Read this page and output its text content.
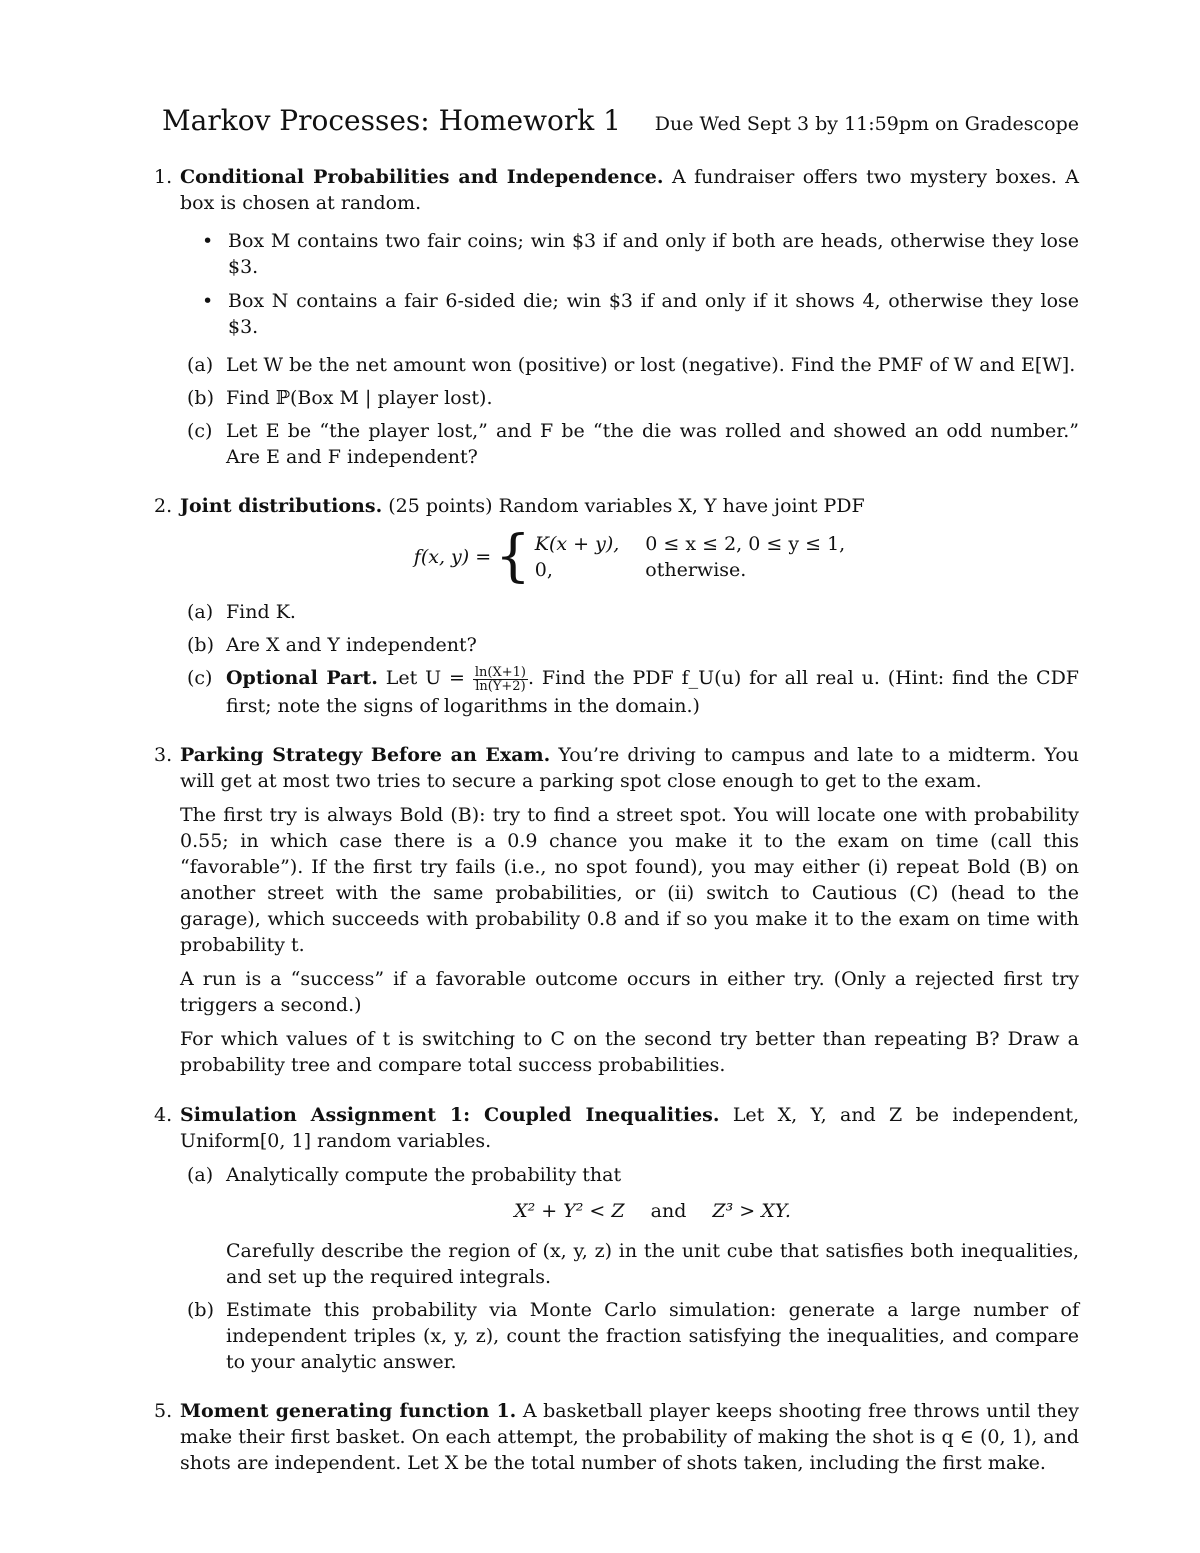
Markov Processes: Homework 1 Due Wed Sept 3 by 11:59pm on Gradescope
1. Conditional Probabilities and Independence. A fundraiser offers two mystery boxes. A box is chosen at random.

• Box M contains two fair coins; win $3 if and only if both are heads, otherwise they lose $3.
• Box N contains a fair 6-sided die; win $3 if and only if it shows 4, otherwise they lose $3.
(a) Let W be the net amount won (positive) or lost (negative). Find the PMF of W and E[W].
(b) Find ℙ(Box M | player lost).
(c) Let E be “the player lost,” and F be “the die was rolled and showed an odd number.” Are E and F independent?
2. Joint distributions. (25 points) Random variables X, Y have joint PDF

f(x, y) = { K(x + y), 0 ≤ x ≤ 2, 0 ≤ y ≤ 1,
0,	otherwise.
(a) Find K.
(b) Are X and Y independent?
(c) Optional Part. Let $U = \frac{\ln(X+1)}{\ln(Y+2)}$ . Find the PDF f_U(u) for all real u. (Hint: find the CDF first; note the signs of logarithms in the domain.)
3. Parking Strategy Before an Exam. You’re driving to campus and late to a midterm. You will get at most two tries to secure a parking spot close enough to get to the exam.

The first try is always Bold (B): try to find a street spot. You will locate one with probability 0.55; in which case there is a 0.9 chance you make it to the exam on time (call this “favorable”). If the first try fails (i.e., no spot found), you may either (i) repeat Bold (B) on another street with the same probabilities, or (ii) switch to Cautious (C) (head to the garage), which succeeds with probability 0.8 and if so you make it to the exam on time with probability t.

A run is a “success” if a favorable outcome occurs in either try. (Only a rejected first try triggers a second.)

For which values of t is switching to C on the second try better than repeating B? Draw a probability tree and compare total success probabilities.

4. Simulation Assignment 1: Coupled Inequalities. Let X, Y, and Z be independent, Uniform[0, 1] random variables.

(a) Analytically compute the probability that
X² + Y² < Z and Z³ > XY.
Carefully describe the region of (x, y, z) in the unit cube that satisfies both inequalities, and set up the required integrals.
(b) Estimate this probability via Monte Carlo simulation: generate a large number of independent triples (x, y, z), count the fraction satisfying the inequalities, and compare to your analytic answer.
5. Moment generating function 1. A basketball player keeps shooting free throws until they make their first basket. On each attempt, the probability of making the shot is q ∈ (0, 1), and shots are independent. Let X be the total number of shots taken, including the first make.
